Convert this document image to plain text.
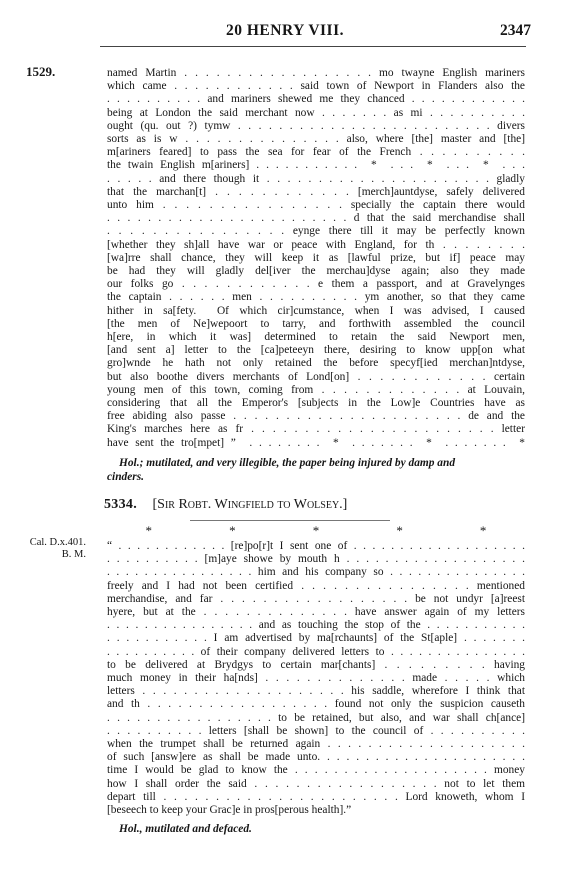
20 HENRY VIII.	2347
1529.	named Martin . . . . . . . . . . . . . . . . . . mo twayne English mariners
which came . . . . . . . . . . . . said town of Newport in Flanders also the
. . . . . . . . . . and mariners shewed me they chanced . . . . . . . . . . . .
being at London the said merchant now . . . . . . . as mi . . . . . . . . . .
ought (qu. out ?) tymw . . . . . . . . . . . . . . . . . . . . . . . . . divers
sorts as is w . . . . . . . . . . . . . . . also, where [the] master and [the]
m[ariners feared] to pass the sea for fear of the French . . . . . . . . . .
the twain English m[ariners] . . . . . . . . . . .  *  . . .  *  . . .  *  . . .
. . . . . and there though it . . . . . . . . . . . . . . . . . . . . . . gladly
that the marchan[t] . . . . . . . . . . . . [merch]auntdyse, safely delivered
unto him . . . . . . . . . . . . . . . . specially the captain there would
. . . . . . . . . . . . . . . . . . . . . . . . d that the said merchandise shall
. . . . . . . . . . . . . . . . eynge there till it may be perfectly known
[whether they sh]all have war or peace with England, for th . . . . . . . .
[wa]rre shall chance, they will keep it as [lawful prize, but if] peace may
be had they will gladly del[iver the merchau]dyse again; also they made
our folks go . . . . . . . . . . . . e them a passport, and at Gravelynges
the captain . . . . . . men . . . . . . . . . . ym another, so that they came
hither in sa[fety.  Of which cir]cumstance, when I was advised, I caused
[the men of Ne]wepoort to tarry, and forthwith assembled the council
h[ere, in which it was] determined to retain the said Newport men,
[and sent a] letter to the [ca]peteeyn there, desiring to know upp[on what
gro]wnde he hath not only retained the before specyf[ied merchan]ntdyse,
but also boothe divers merchants of Lond[on] . . . . . . . . . . . . certain
young men of this town, coming from . . . . . . . . . . . . . at Louvain,
considering that all the Emperor's [subjects in the Low]e Countries have as
free abiding also passe . . . . . . . . . . . . . . . . . . . . . . de and the
King's marches here as fr . . . . . . . . . . . . . . . . . . . . . . . letter
have sent the tro[mpet] ”  . . . . . . . .  *  . . . . . . .  *  . . . . . . .  *
Hol.; mutilated, and very illegible, the paper being injured by damp and
cinders.
5334. [Sir Robt. Wingfield to Wolsey.]
Cal. D.x.401.
B. M.
*	*	*	*	*
“ . . . . . . . . . . . . [re]po[r]t I sent one of . . . . . . . . . . . . . . . . . . .
. . . . . . . . . . [m]aye showe by mouth h . . . . . . . . . . . . . . . . . . .
. . . . . . . . . . . . . . . . him and his company so . . . . . . . . . . . . . . .
freely and I had not been certified . . . . . . . . . . . . . . . . mentioned
merchandise, and far . . . . . . . . . . . . . . . . . . be not undyr [a]reest
hyere, but at the . . . . . . . . . . . . . . have answer again of my letters
. . . . . . . . . . . . . . . . and as touching the stop of the . . . . . . . . . . .
. . . . . . . . . . . I am advertised by ma[rchaunts] of the St[aple] . . . . . . .
. . . . . . . . . . of their company delivered letters to . . . . . . . . . . . . . . .
to be delivered at Brydgys to certain mar[chants] . . . . . . . . . having
much money in their ha[nds] . . . . . . . . . . . . . . made . . . . . which
letters . . . . . . . . . . . . . . . . . . . . his saddle, wherefore I think that
and th . . . . . . . . . . . . . . . . . . found not only the suspicion causeth
. . . . . . . . . . . . . . . . . to be retained, but also, and war shall ch[ance]
. . . . . . . . . . letters [shall be shown] to the council of . . . . . . . . . .
when the trumpet shall be returned again . . . . . . . . . . . . . . . . . . . .
of such [answ]ere as shall be made unto. . . . . . . . . . . . . . . . . . . . . .
time I would be glad to know the . . . . . . . . . . . . . . . . . . . . money
how I shall order the said . . . . . . . . . . . . . . . . . . not to let them
depart till . . . . . . . . . . . . . . . . . . . . . . . Lord knoweth, whom I
[beseech to keep your Grac]e in pros[perous health].”
Hol., mutilated and defaced.
